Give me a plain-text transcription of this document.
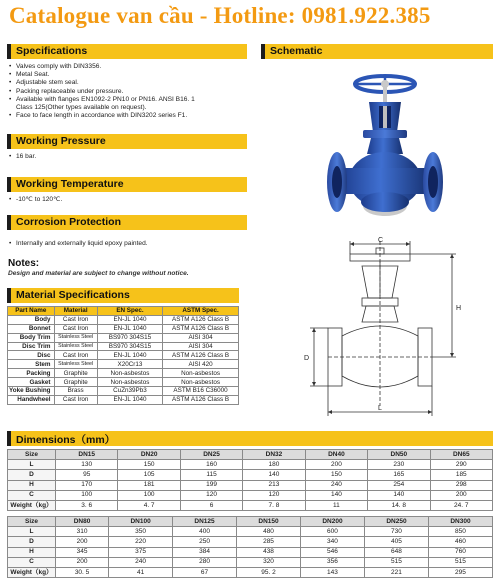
Catalogue van cầu - Hotline: 0981.922.385
Specifications
• Valves comply with DIN3356.
• Metal Seat.
• Adjustable stem seal.
• Packing replaceable under pressure.
• Available with flanges EN1092-2 PN10 or PN16. ANSI B16. 1
Class 125(Other types available on request).
• Face to face length in accordance with DIN3202 series F1.
Schematic
Working Pressure
• 16 bar.
Working Temperature
• -10℃ to 120℃.
Corrosion Protection
• Internally and externally liquid epoxy painted.
Notes:
Design and material are subject to change without notice.
Material Specifications
Part Name	Material	EN Spec.	ASTM Spec.
Body	Cast Iron	EN-JL 1040	ASTM A126 Class B
Bonnet	Cast Iron	EN-JL 1040	ASTM A126 Class B
Body Trim	Stainless Steel	BS970 304S15	AISI 304
Disc Trim	Stainless Steel	BS970 304S15	AISI 304
Disc	Cast Iron	EN-JL 1040	ASTM A126 Class B
Stem	Stainless Steel	X20Cr13	AISI 420
Packing	Graphite	Non-asbestos	Non-asbestos
Gasket	Graphite	Non-asbestos	Non-asbestos
Yoke Bushing	Brass	CuZn39Pb3	ASTM B16 C36000
Handwheel	Cast Iron	EN-JL 1040	ASTM A126 Class B
C
H
D
L
Dimensions（mm）
Size	DN15	DN20	DN25	DN32	DN40	DN50	DN65
L	130	150	160	180	200	230	290
D	95	105	115	140	150	165	185
H	170	181	199	213	240	254	298
C	100	100	120	120	140	140	200
Weight（kg）	3. 6	4. 7	6	7. 8	11	14. 8	24. 7
Size	DN80	DN100	DN125	DN150	DN200	DN250	DN300
L	310	350	400	480	600	730	850
D	200	220	250	285	340	405	460
H	345	375	384	438	546	648	760
C	200	240	280	320	356	515	515
Weight（kg）	30. 5	41	67	95. 2	143	221	295
